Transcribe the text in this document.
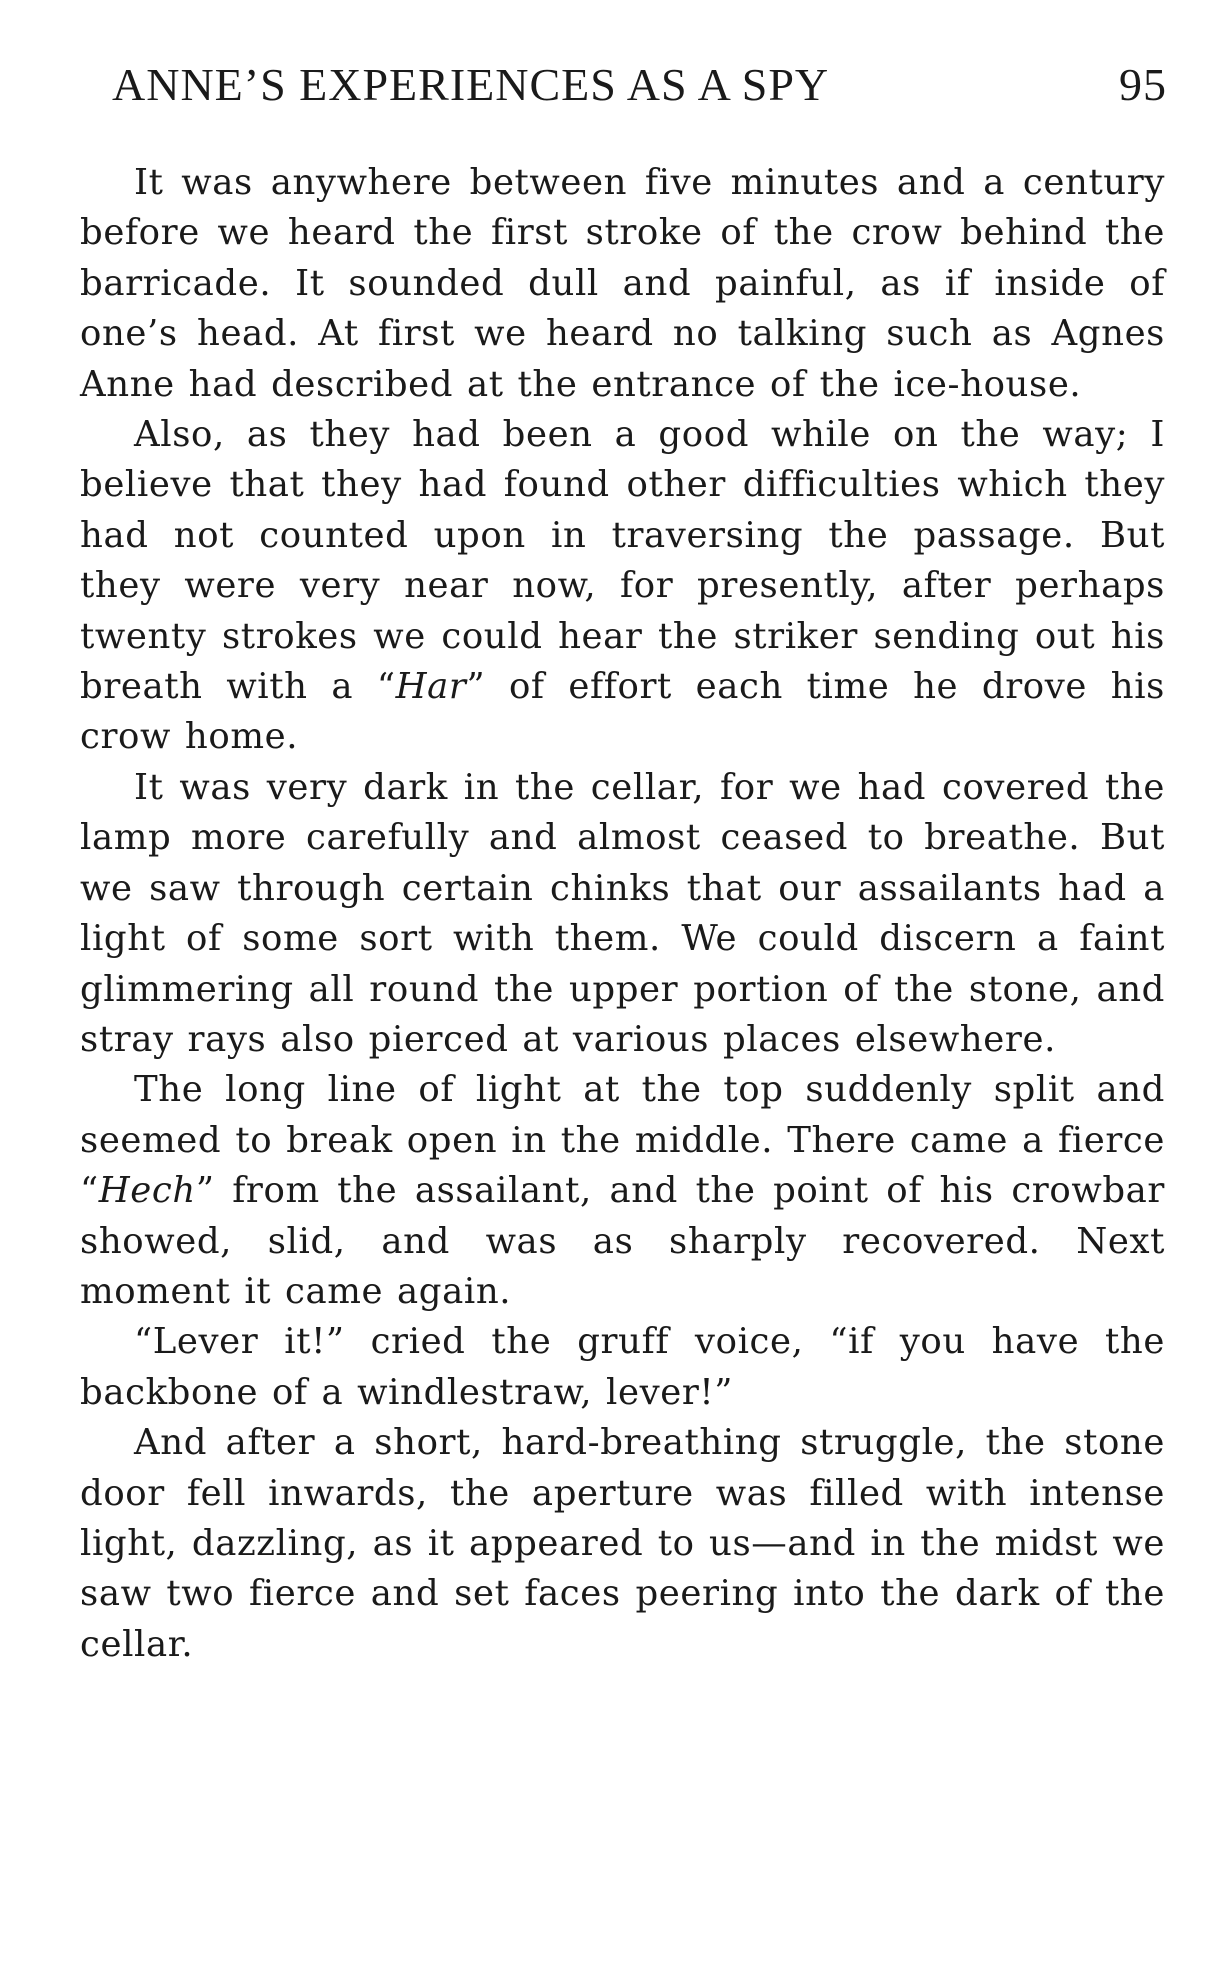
ANNE’S EXPERIENCES AS A SPY	95

It was anywhere between five minutes and a century before we heard the first stroke of the crow behind the barricade. It sounded dull and painful, as if inside of one’s head. At first we heard no talking such as Agnes Anne had described at the entrance of the ice-house.

Also, as they had been a good while on the way; I believe that they had found other difficulties which they had not counted upon in traversing the passage. But they were very near now, for presently, after perhaps twenty strokes we could hear the striker sending out his breath with a “Har” of effort each time he drove his crow home.

It was very dark in the cellar, for we had covered the lamp more carefully and almost ceased to breathe. But we saw through certain chinks that our assailants had a light of some sort with them. We could discern a faint glimmering all round the upper portion of the stone, and stray rays also pierced at various places elsewhere.

The long line of light at the top suddenly split and seemed to break open in the middle. There came a fierce “Hech” from the assailant, and the point of his crowbar showed, slid, and was as sharply recovered. Next moment it came again.

“Lever it!” cried the gruff voice, “if you have the backbone of a windlestraw, lever!”

And after a short, hard-breathing struggle, the stone door fell inwards, the aperture was filled with intense light, dazzling, as it appeared to us—and in the midst we saw two fierce and set faces peering into the dark of the cellar.
